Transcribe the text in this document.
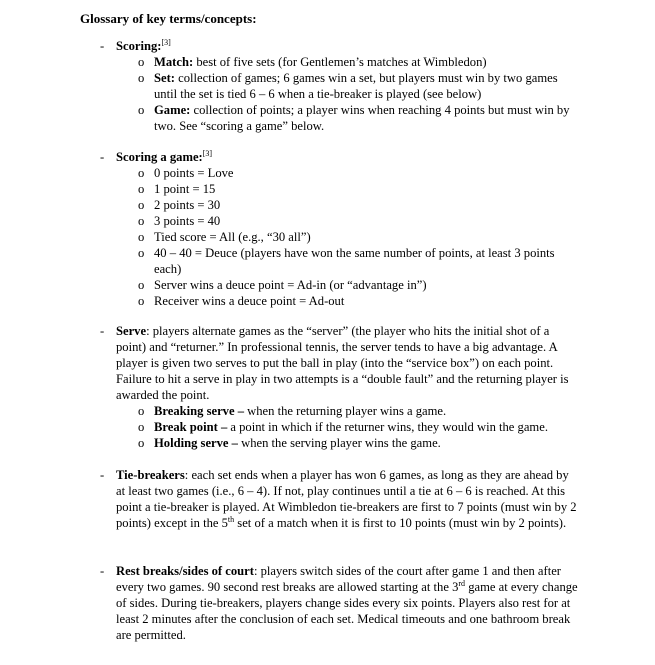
Glossary of key terms/concepts:
- Scoring:[3]
o Match: best of five sets (for Gentlemen’s matches at Wimbledon)
o Set: collection of games; 6 games win a set, but players must win by two games until the set is tied 6 – 6 when a tie-breaker is played (see below)
o Game: collection of points; a player wins when reaching 4 points but must win by two. See “scoring a game” below.
- Scoring a game:[3]
o 0 points = Love
o 1 point = 15
o 2 points = 30
o 3 points = 40
o Tied score = All (e.g., “30 all”)
o 40 – 40 = Deuce (players have won the same number of points, at least 3 points each)
o Server wins a deuce point = Ad-in (or “advantage in”)
o Receiver wins a deuce point = Ad-out
- Serve: players alternate games as the “server” (the player who hits the initial shot of a point) and “returner.” In professional tennis, the server tends to have a big advantage. A player is given two serves to put the ball in play (into the “service box”) on each point. Failure to hit a serve in play in two attempts is a “double fault” and the returning player is awarded the point.
o Breaking serve – when the returning player wins a game.
o Break point – a point in which if the returner wins, they would win the game.
o Holding serve – when the serving player wins the game.
- Tie-breakers: each set ends when a player has won 6 games, as long as they are ahead by at least two games (i.e., 6 – 4). If not, play continues until a tie at 6 – 6 is reached. At this point a tie-breaker is played. At Wimbledon tie-breakers are first to 7 points (must win by 2 points) except in the 5th set of a match when it is first to 10 points (must win by 2 points).
- Rest breaks/sides of court: players switch sides of the court after game 1 and then after every two games. 90 second rest breaks are allowed starting at the 3rd game at every change of sides. During tie-breakers, players change sides every six points. Players also rest for at least 2 minutes after the conclusion of each set. Medical timeouts and one bathroom break are permitted.
